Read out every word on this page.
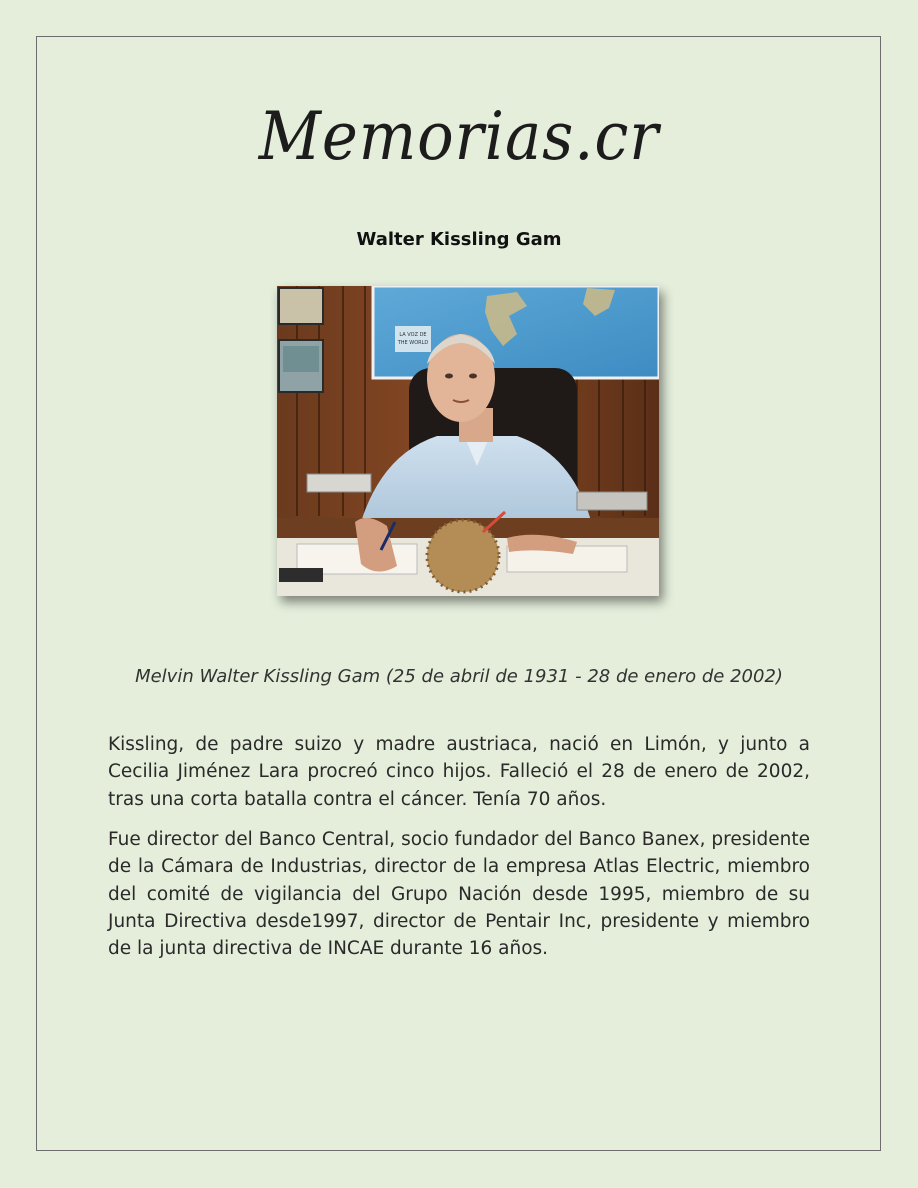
Memorias.cr
Walter Kissling Gam
LA VOZ DE
THE WORLD
Melvin Walter Kissling Gam (25 de abril de 1931 - 28 de enero de 2002)

Kissling, de padre suizo y madre austriaca, nació en Limón, y junto a Cecilia Jiménez Lara procreó cinco hijos. Falleció el 28 de enero de 2002, tras una corta batalla contra el cáncer. Tenía 70 años.

Fue director del Banco Central, socio fundador del Banco Banex, presidente de la Cámara de Industrias, director de la empresa Atlas Electric, miembro del comité de vigilancia del Grupo Nación desde 1995, miembro de su Junta Directiva desde1997, director de Pentair Inc, presidente y miembro de la junta directiva de INCAE durante 16 años.
